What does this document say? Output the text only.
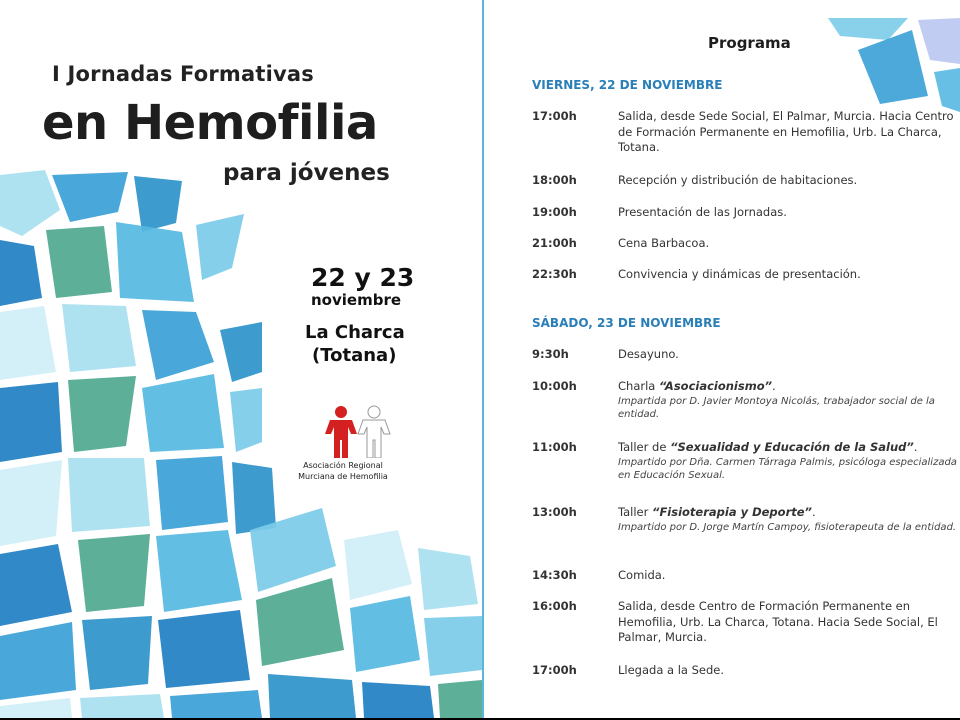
I Jornadas Formativas
en Hemofilia
para jóvenes
22 y 23
noviembre
La Charca
(Totana)
Asociación Regional Murciana de Hemofilia
Programa
VIERNES, 22 DE NOVIEMBRE
17:00h	Salida, desde Sede Social, El Palmar, Murcia. Hacia Centro de Formación Permanente en Hemofilia, Urb. La Charca, Totana.
18:00h	Recepción y distribución de habitaciones.
19:00h	Presentación de las Jornadas.
21:00h	Cena Barbacoa.
22:30h	Convivencia y dinámicas de presentación.
SÁBADO, 23 DE NOVIEMBRE
9:30h	Desayuno.
10:00h	Charla “Asociacionismo”.
Impartida por D. Javier Montoya Nicolás, trabajador social de la entidad.
11:00h	Taller de “Sexualidad y Educación de la Salud”.
Impartido por Dña. Carmen Tárraga Palmis, psicóloga especializada en Educación Sexual.
13:00h	Taller “Fisioterapia y Deporte”.
Impartido por D. Jorge Martín Campoy, fisioterapeuta de la entidad.
14:30h	Comida.
16:00h	Salida, desde Centro de Formación Permanente en Hemofilia, Urb. La Charca, Totana. Hacia Sede Social, El Palmar, Murcia.
17:00h	Llegada a la Sede.
